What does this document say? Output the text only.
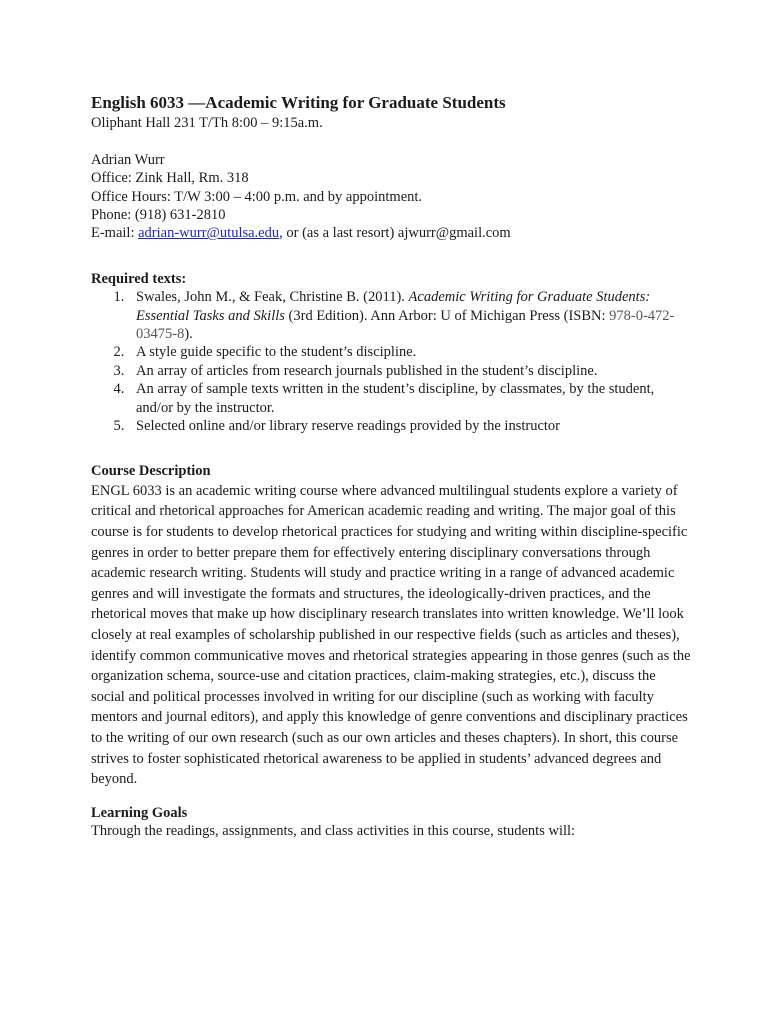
English 6033 —Academic Writing for Graduate Students
Oliphant Hall 231 T/Th 8:00 – 9:15a.m.
Adrian Wurr
Office: Zink Hall, Rm. 318
Office Hours: T/W 3:00 – 4:00 p.m. and by appointment.
Phone: (918) 631-2810
E-mail: adrian-wurr@utulsa.edu, or (as a last resort) ajwurr@gmail.com
Required texts:
1. Swales, John M., & Feak, Christine B. (2011). Academic Writing for Graduate Students: Essential Tasks and Skills (3rd Edition). Ann Arbor: U of Michigan Press (ISBN: 978-0-472-03475-8).
2. A style guide specific to the student’s discipline.
3. An array of articles from research journals published in the student’s discipline.
4. An array of sample texts written in the student’s discipline, by classmates, by the student, and/or by the instructor.
5. Selected online and/or library reserve readings provided by the instructor
Course Description

ENGL 6033 is an academic writing course where advanced multilingual students explore a variety of critical and rhetorical approaches for American academic reading and writing. The major goal of this course is for students to develop rhetorical practices for studying and writing within discipline-specific genres in order to better prepare them for effectively entering disciplinary conversations through academic research writing. Students will study and practice writing in a range of advanced academic genres and will investigate the formats and structures, the ideologically-driven practices, and the rhetorical moves that make up how disciplinary research translates into written knowledge. We’ll look closely at real examples of scholarship published in our respective fields (such as articles and theses), identify common communicative moves and rhetorical strategies appearing in those genres (such as the organization schema, source-use and citation practices, claim-making strategies, etc.), discuss the social and political processes involved in writing for our discipline (such as working with faculty mentors and journal editors), and apply this knowledge of genre conventions and disciplinary practices to the writing of our own research (such as our own articles and theses chapters). In short, this course strives to foster sophisticated rhetorical awareness to be applied in students’ advanced degrees and beyond.

Learning Goals
Through the readings, assignments, and class activities in this course, students will:
